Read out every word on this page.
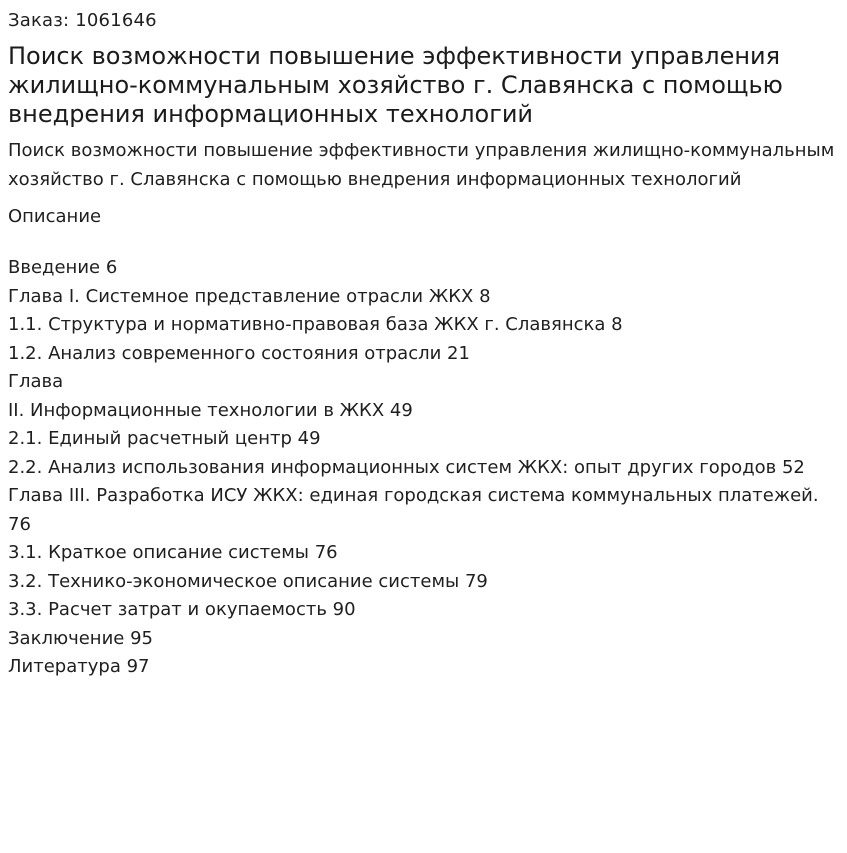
Заказ: 1061646
Поиск возможности повышение эффективности управления жилищно-коммунальным хозяйство г. Славянска с помощью внедрения информационных технологий
Поиск возможности повышение эффективности управления жилищно-коммунальным хозяйство г. Славянска с помощью внедрения информационных технологий
Описание
Введение 6
Глава I. Системное представление отрасли ЖКХ 8
1.1. Структура и нормативно-правовая база ЖКХ г. Славянска 8
1.2. Анализ современного состояния отрасли 21
Глава
II. Информационные технологии в ЖКХ 49
2.1. Единый расчетный центр 49
2.2. Анализ использования информационных систем ЖКХ: опыт других городов 52
Глава III. Разработка ИСУ ЖКХ: единая городская система коммунальных платежей. 76
3.1. Краткое описание системы 76
3.2. Технико-экономическое описание системы 79
3.3. Расчет затрат и окупаемость 90
Заключение 95
Литература 97
